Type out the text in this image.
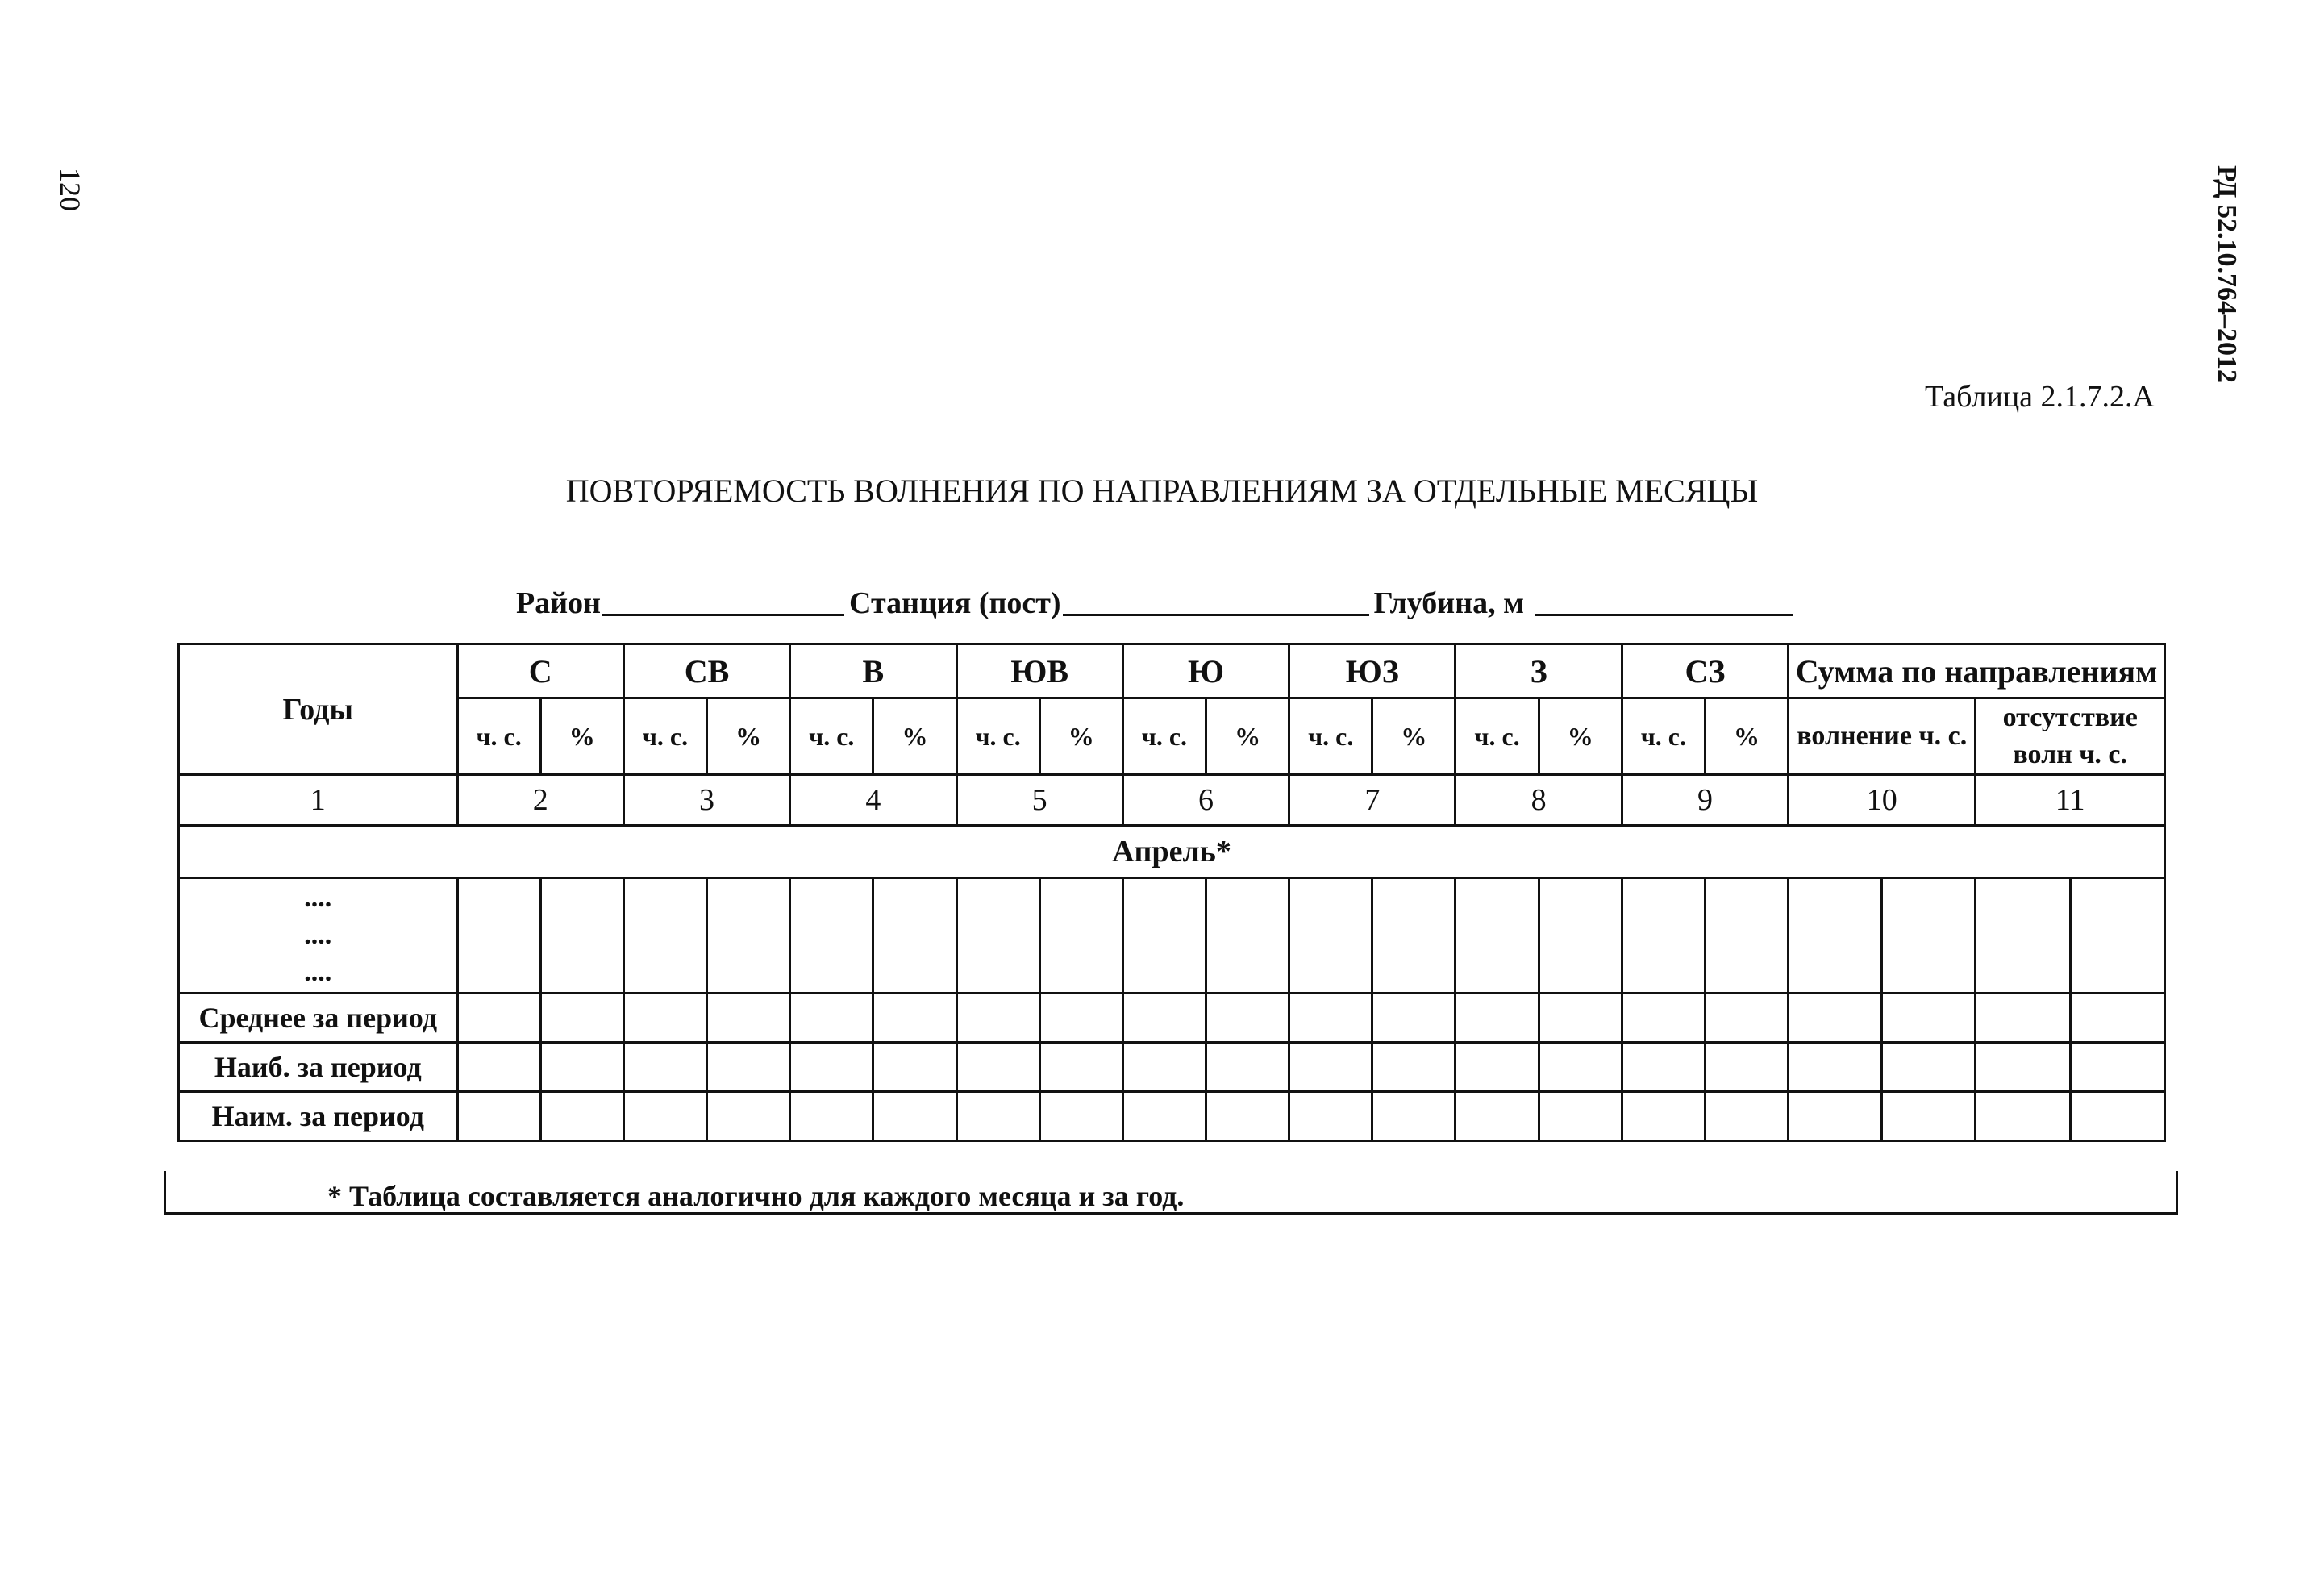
120	РД 52.10.764–2012
Таблица 2.1.7.2.А
ПОВТОРЯЕМОСТЬ ВОЛНЕНИЯ ПО НАПРАВЛЕНИЯМ ЗА ОТДЕЛЬНЫЕ МЕСЯЦЫ
Район	Станция (пост)	Глубина, м
Годы	С		СВ		В		ЮВ		Ю		ЮЗ		З		СЗ		Сумма по направлениям			
	ч. с.	%	ч. с.	%	ч. с.	%	ч. с.	%	ч. с.	%	ч. с.	%	ч. с.	%	ч. с.	%	волнение ч. с.		отсутствие волн ч. с.	
1	2		3		4		5		6		7		8		9		10		11	
Апрель*																				

....
....
....																				

Среднее за период																				
Наиб. за период																				
Наим. за период																				
* Таблица составляется аналогично для каждого месяца и за год.
